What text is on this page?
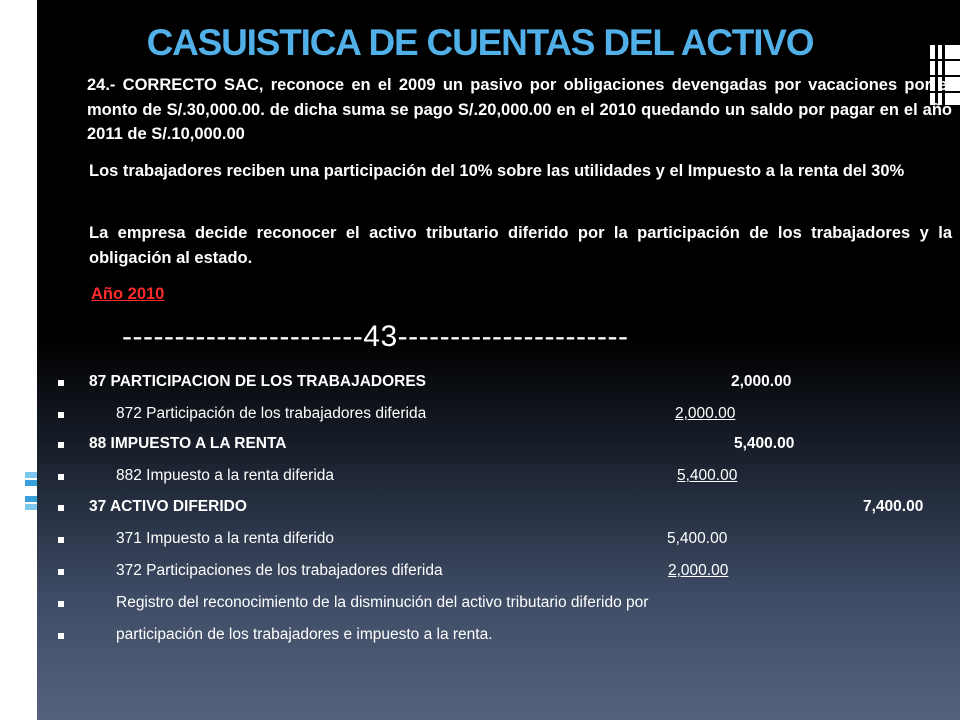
CASUISTICA DE CUENTAS DEL ACTIVO

24.- CORRECTO SAC, reconoce en el 2009 un pasivo por obligaciones devengadas por vacaciones por el monto de S/.30,000.00. de dicha suma se pago S/.20,000.00 en el 2010 quedando un saldo por pagar en el año 2011 de S/.10,000.00

Los trabajadores reciben una participación del 10% sobre las utilidades y el Impuesto a la renta del 30%

La empresa decide reconocer el activo tributario diferido por la participación de los trabajadores y la obligación al estado.

Año 2010
-----------------------43----------------------
87 PARTICIPACION DE LOS TRABAJADORES	2,000.00
872 Participación de los trabajadores diferida	2,000.00
88 IMPUESTO A LA RENTA	5,400.00
882 Impuesto a la renta diferida	5,400.00
37 ACTIVO DIFERIDO	7,400.00
371 Impuesto a la renta diferido	5,400.00
372 Participaciones de los trabajadores diferida	2,000.00
Registro del reconocimiento de la disminución del activo tributario diferido por
participación de los trabajadores e impuesto a la renta.
